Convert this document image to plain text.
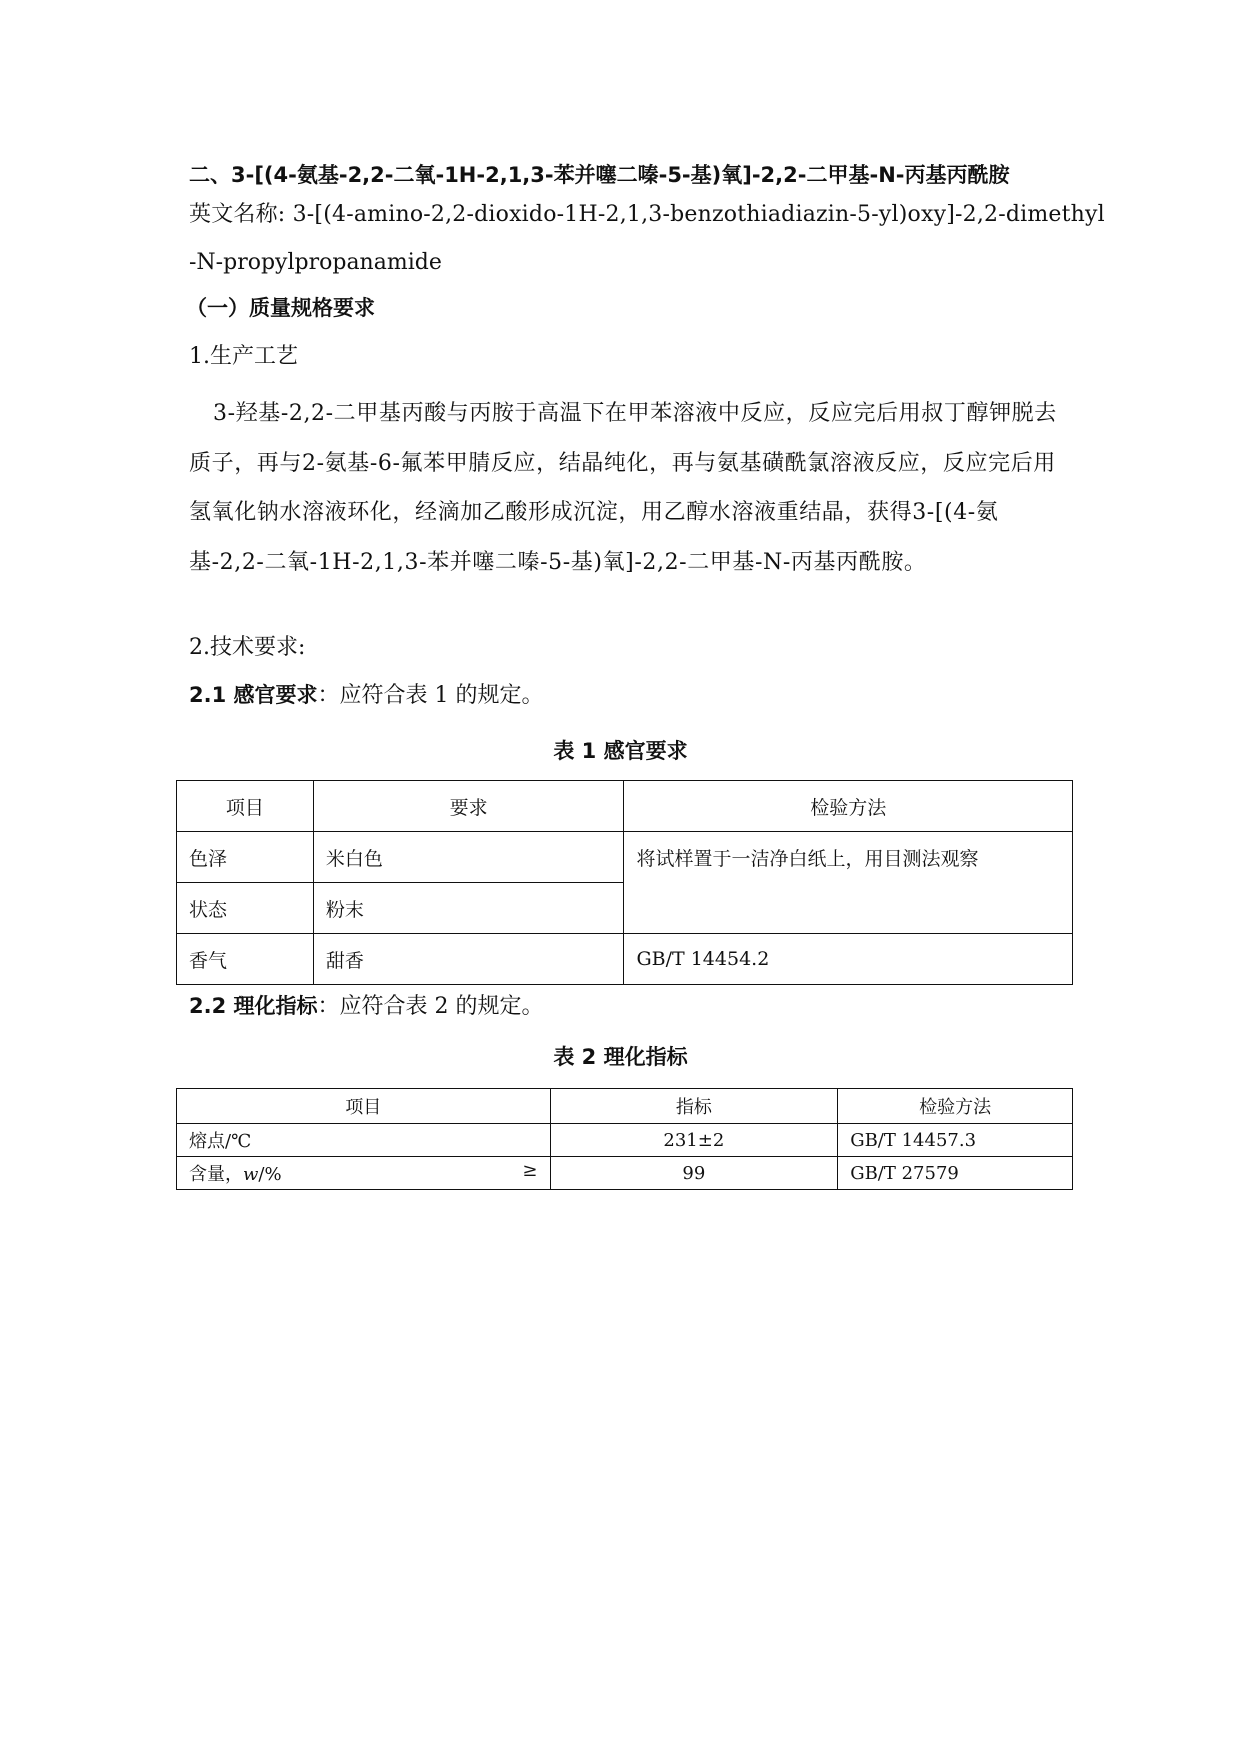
二、3-[(4-氨基-2,2-二氧-1H-2,1,3-苯并噻二嗪-5-基)氧]-2,2-二甲基-N-丙基丙酰胺
英文名称: 3-[(4-amino-2,2-dioxido-1H-2,1,3-benzothiadiazin-5-yl)oxy]-2,2-dimethyl
-N-propylpropanamide
（一）质量规格要求
1.生产工艺
3-羟基-2,2-二甲基丙酸与丙胺于高温下在甲苯溶液中反应，反应完后用叔丁醇钾脱去质子，再与2-氨基-6-氟苯甲腈反应，结晶纯化，再与氨基磺酰氯溶液反应，反应完后用氢氧化钠水溶液环化，经滴加乙酸形成沉淀，用乙醇水溶液重结晶，获得3-[(4-氨基-2,2-二氧-1H-2,1,3-苯并噻二嗪-5-基)氧]-2,2-二甲基-N-丙基丙酰胺。
2.技术要求:
2.1 感官要求：应符合表 1 的规定。
表 1 感官要求
项目	要求	检验方法
色泽	米白色	将试样置于一洁净白纸上，用目测法观察
状态	粉末	
香气	甜香	GB/T 14454.2
2.2 理化指标：应符合表 2 的规定。
表 2 理化指标
项目	指标	检验方法
熔点/℃	231±2	GB/T 14457.3
含量，w/% ≥	99	GB/T 27579
